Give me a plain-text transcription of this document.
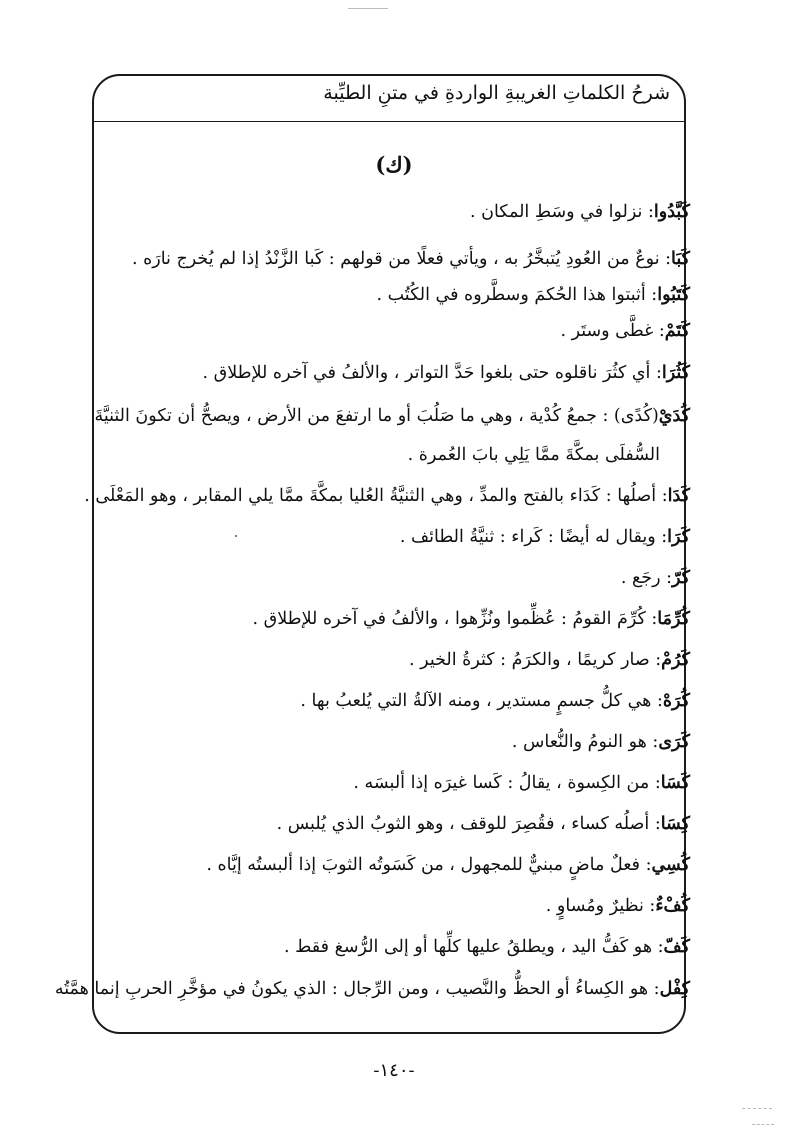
شرحُ الكلماتِ الغريبةِ الواردةِ في متنِ الطيِّبة
(ك)
كَبَّدُوا: نزلوا في وسَطِ المكان .
كَبَا: نوعٌ من العُودِ يُتبخَّرُ به ، ويأتي فعلًا من قولهم : كَبا الزَّنْدُ إذا لم يُخرج نارَه .
كَتَبُوا: أثبتوا هذا الحُكمَ وسطَّروه في الكُتُب .
كَتَمْ: غطَّى وستَر .
كَثُرَا: أي كثُرَ ناقلوه حتى بلغوا حَدَّ التواتر ، والألفُ في آخره للإطلاق .
كُدَيْ(كُدًى) : جمعُ كُدْية ، وهي ما صَلُبَ أو ما ارتفعَ من الأرض ، ويصحُّ أن تكونَ الثنيَّةَ
السُّفلَى بمكَّةَ ممَّا يَلِي بابَ العُمرة .
كَدَا: أصلُها : كَدَاء بالفتح والمدِّ ، وهي الثنيَّةُ العُليا بمكَّةَ ممَّا يلي المقابر ، وهو المَعْلَى .
كَرَا: ويقال له أيضًا : كَراء : ثنيَّةُ الطائف .
كَرّ: رجَع .
كُرِّمَا: كُرِّمَ القومُ : عُظِّموا ونُزِّهوا ، والألفُ في آخره للإطلاق .
كَرُمْ: صار كريمًا ، والكرَمُ : كثرةُ الخير .
كُرَهْ: هي كلُّ جسمٍ مستدير ، ومنه الآلةُ التي يُلعبُ بها .
كَرَى: هو النومُ والنُّعاس .
كَسَا: من الكِسوة ، يقالُ : كَسا غيرَه إذا ألبسَه .
كِسَا: أصلُه كساء ، فقُصِرَ للوقف ، وهو الثوبُ الذي يُلبس .
كُسِي: فعلٌ ماضٍ مبنيٌّ للمجهول ، من كَسَوتُه الثوبَ إذا ألبستُه إيَّاه .
كُفْءٌ: نظيرٌ ومُساوٍ .
كَفّ: هو كَفُّ اليد ، ويطلقُ عليها كلِّها أو إلى الرُّسغ فقط .
كِفْل: هو الكِساءُ أو الحظُّ والنَّصيب ، ومن الرِّجال : الذي يكونُ في مؤخَّرِ الحربِ إنما همَّتُه
-١٤٠-
